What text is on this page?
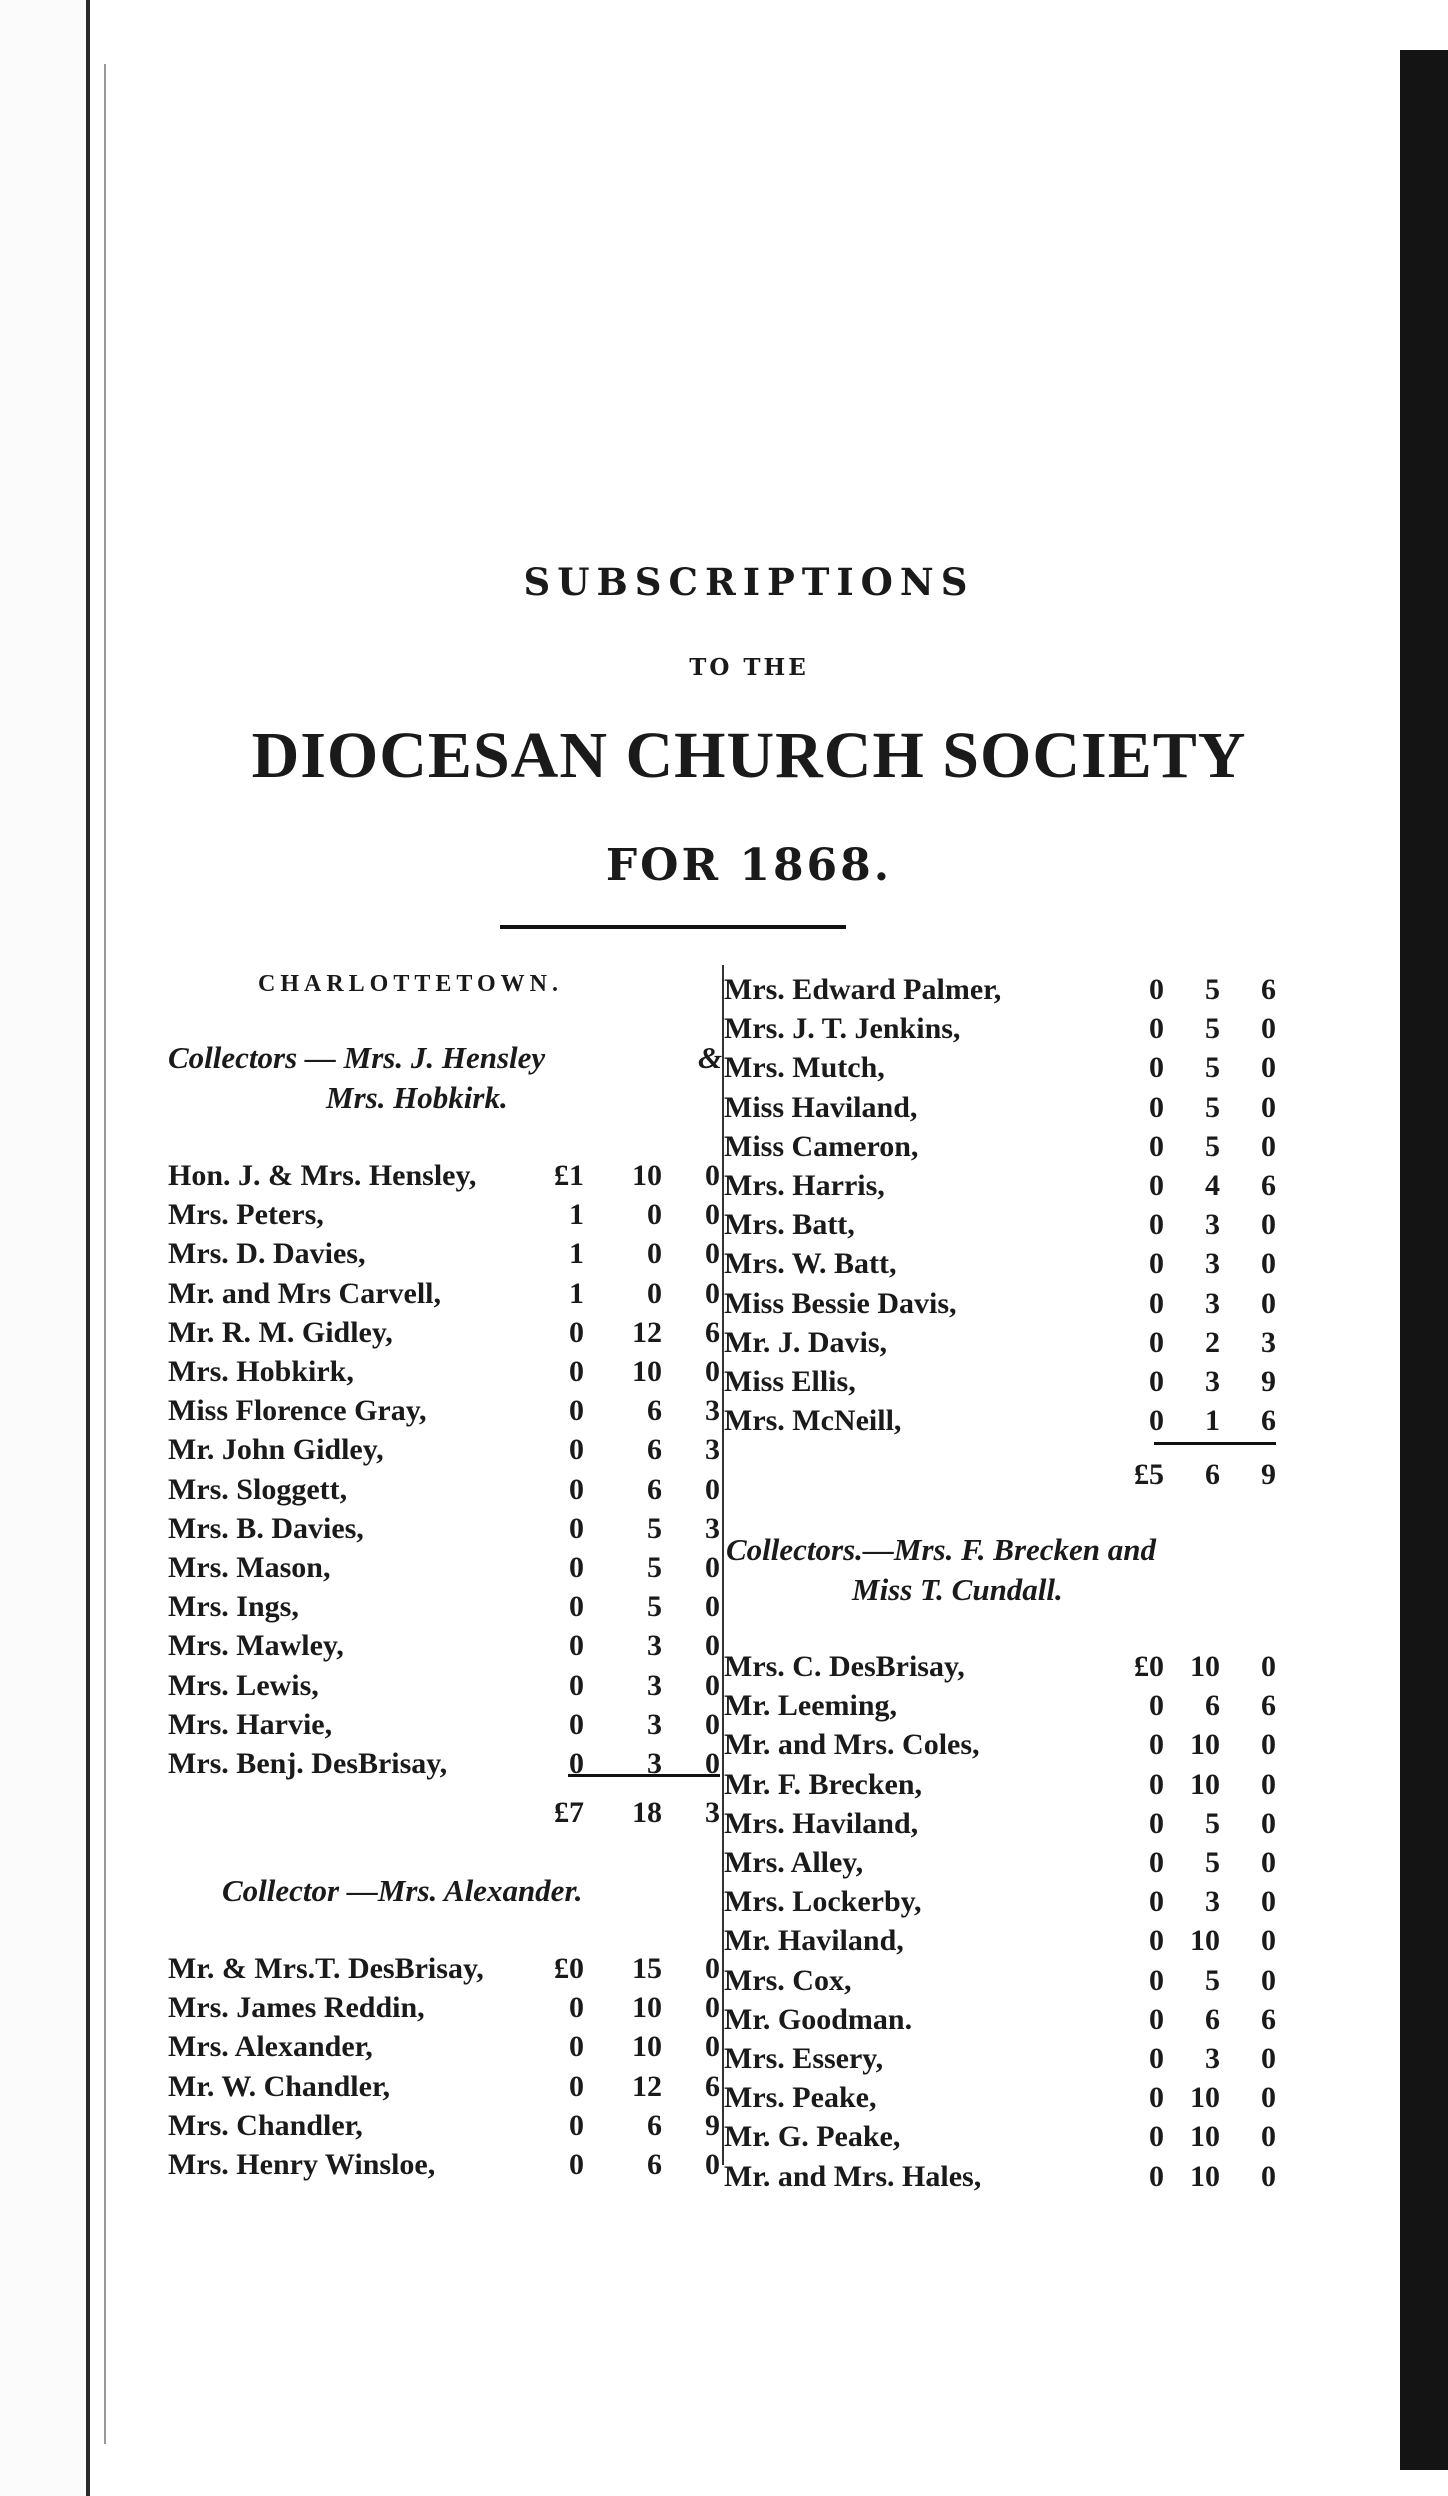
SUBSCRIPTIONS
TO THE
DIOCESAN CHURCH SOCIETY
FOR 1868.
CHARLOTTETOWN.
Collectors — Mrs. J. Hensley	&
Mrs. Hobkirk.
Hon. J. & Mrs. Hensley,	£1 10 0
Mrs. Peters,	1 0 0
Mrs. D. Davies,	1 0 0
Mr. and Mrs Carvell,	1 0 0
Mr. R. M. Gidley,	0 12 6
Mrs. Hobkirk,	0 10 0
Miss Florence Gray,	0 6 3
Mr. John Gidley,	0 6 3
Mrs. Sloggett,	0 6 0
Mrs. B. Davies,	0 5 3
Mrs. Mason,	0 5 0
Mrs. Ings,	0 5 0
Mrs. Mawley,	0 3 0
Mrs. Lewis,	0 3 0
Mrs. Harvie,	0 3 0
Mrs. Benj. DesBrisay,	0 3 0
£7 18 3
Collector —Mrs. Alexander.
Mr. & Mrs.T. DesBrisay, £0 15 0
Mrs. James Reddin,	0 10 0
Mrs. Alexander,	0 10 0
Mr. W. Chandler,	0 12 6
Mrs. Chandler,	0 6 9
Mrs. Henry Winsloe,	0 6 0
Mrs. Edward Palmer,	0 5 6
Mrs. J. T. Jenkins,	0 5 0
Mrs. Mutch,	0 5 0
Miss Haviland,	0 5 0
Miss Cameron,	0 5 0
Mrs. Harris,	0 4 6
Mrs. Batt,	0 3 0
Mrs. W. Batt,	0 3 0
Miss Bessie Davis,	0 3 0
Mr. J. Davis,	0 2 3
Miss Ellis,	0 3 9
Mrs. McNeill,	0 1 6
£5 6 9
Collectors.—Mrs. F. Brecken and
Miss T. Cundall.
Mrs. C. DesBrisay,	£0 10 0
Mr. Leeming,	0 6 6
Mr. and Mrs. Coles,	0 10 0
Mr. F. Brecken,	0 10 0
Mrs. Haviland,	0 5 0
Mrs. Alley,	0 5 0
Mrs. Lockerby,	0 3 0
Mr. Haviland,	0 10 0
Mrs. Cox,	0 5 0
Mr. Goodman.	0 6 6
Mrs. Essery,	0 3 0
Mrs. Peake,	0 10 0
Mr. G. Peake,	0 10 0
Mr. and Mrs. Hales,	0 10 0
